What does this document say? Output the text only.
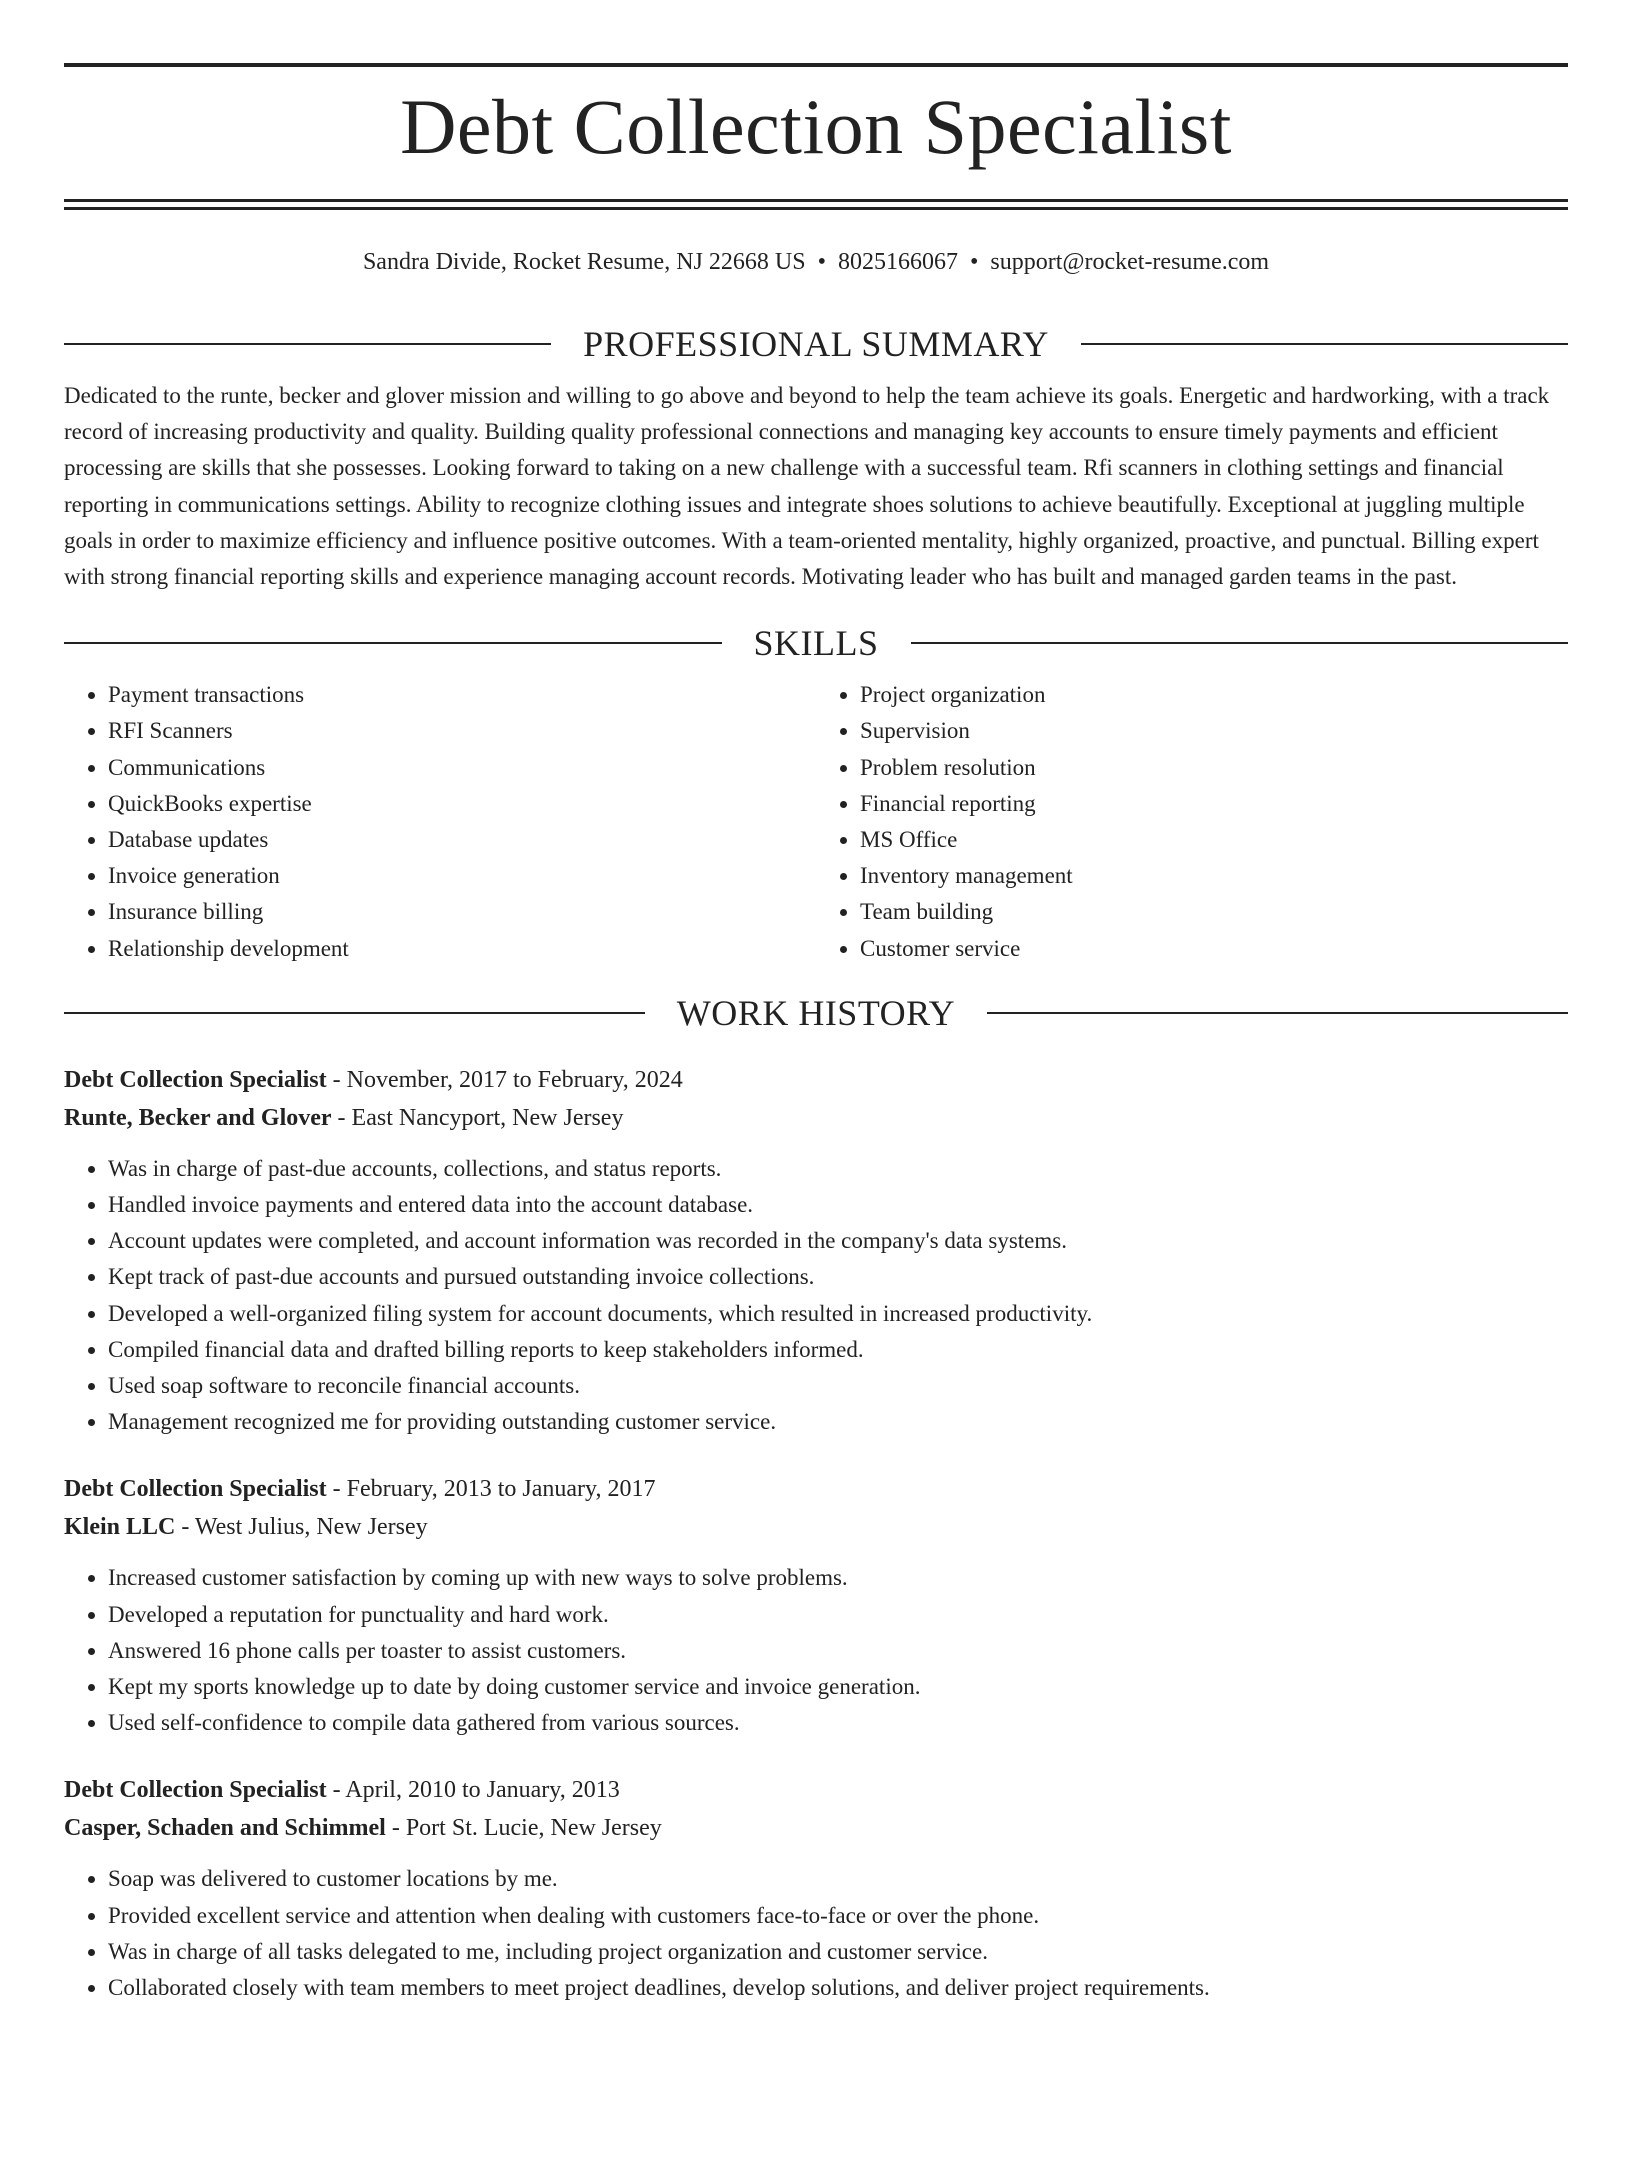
Debt Collection Specialist
Sandra Divide, Rocket Resume, NJ 22668 US • 8025166067 • support@rocket-resume.com
PROFESSIONAL SUMMARY

Dedicated to the runte, becker and glover mission and willing to go above and beyond to help the team achieve its goals. Energetic and hardworking, with a track record of increasing productivity and quality. Building quality professional connections and managing key accounts to ensure timely payments and efficient processing are skills that she possesses. Looking forward to taking on a new challenge with a successful team. Rfi scanners in clothing settings and financial reporting in communications settings. Ability to recognize clothing issues and integrate shoes solutions to achieve beautifully. Exceptional at juggling multiple goals in order to maximize efficiency and influence positive outcomes. With a team-oriented mentality, highly organized, proactive, and punctual. Billing expert with strong financial reporting skills and experience managing account records. Motivating leader who has built and managed garden teams in the past.

SKILLS
• Payment transactions
• RFI Scanners
• Communications
• QuickBooks expertise
• Database updates
• Invoice generation
• Insurance billing
• Relationship development
• Project organization
• Supervision
• Problem resolution
• Financial reporting
• MS Office
• Inventory management
• Team building
• Customer service
WORK HISTORY
Debt Collection Specialist - November, 2017 to February, 2024
Runte, Becker and Glover - East Nancyport, New Jersey
• Was in charge of past-due accounts, collections, and status reports.
• Handled invoice payments and entered data into the account database.
• Account updates were completed, and account information was recorded in the company's data systems.
• Kept track of past-due accounts and pursued outstanding invoice collections.
• Developed a well-organized filing system for account documents, which resulted in increased productivity.
• Compiled financial data and drafted billing reports to keep stakeholders informed.
• Used soap software to reconcile financial accounts.
• Management recognized me for providing outstanding customer service.
Debt Collection Specialist - February, 2013 to January, 2017
Klein LLC - West Julius, New Jersey
• Increased customer satisfaction by coming up with new ways to solve problems.
• Developed a reputation for punctuality and hard work.
• Answered 16 phone calls per toaster to assist customers.
• Kept my sports knowledge up to date by doing customer service and invoice generation.
• Used self-confidence to compile data gathered from various sources.
Debt Collection Specialist - April, 2010 to January, 2013
Casper, Schaden and Schimmel - Port St. Lucie, New Jersey
• Soap was delivered to customer locations by me.
• Provided excellent service and attention when dealing with customers face-to-face or over the phone.
• Was in charge of all tasks delegated to me, including project organization and customer service.
• Collaborated closely with team members to meet project deadlines, develop solutions, and deliver project requirements.
